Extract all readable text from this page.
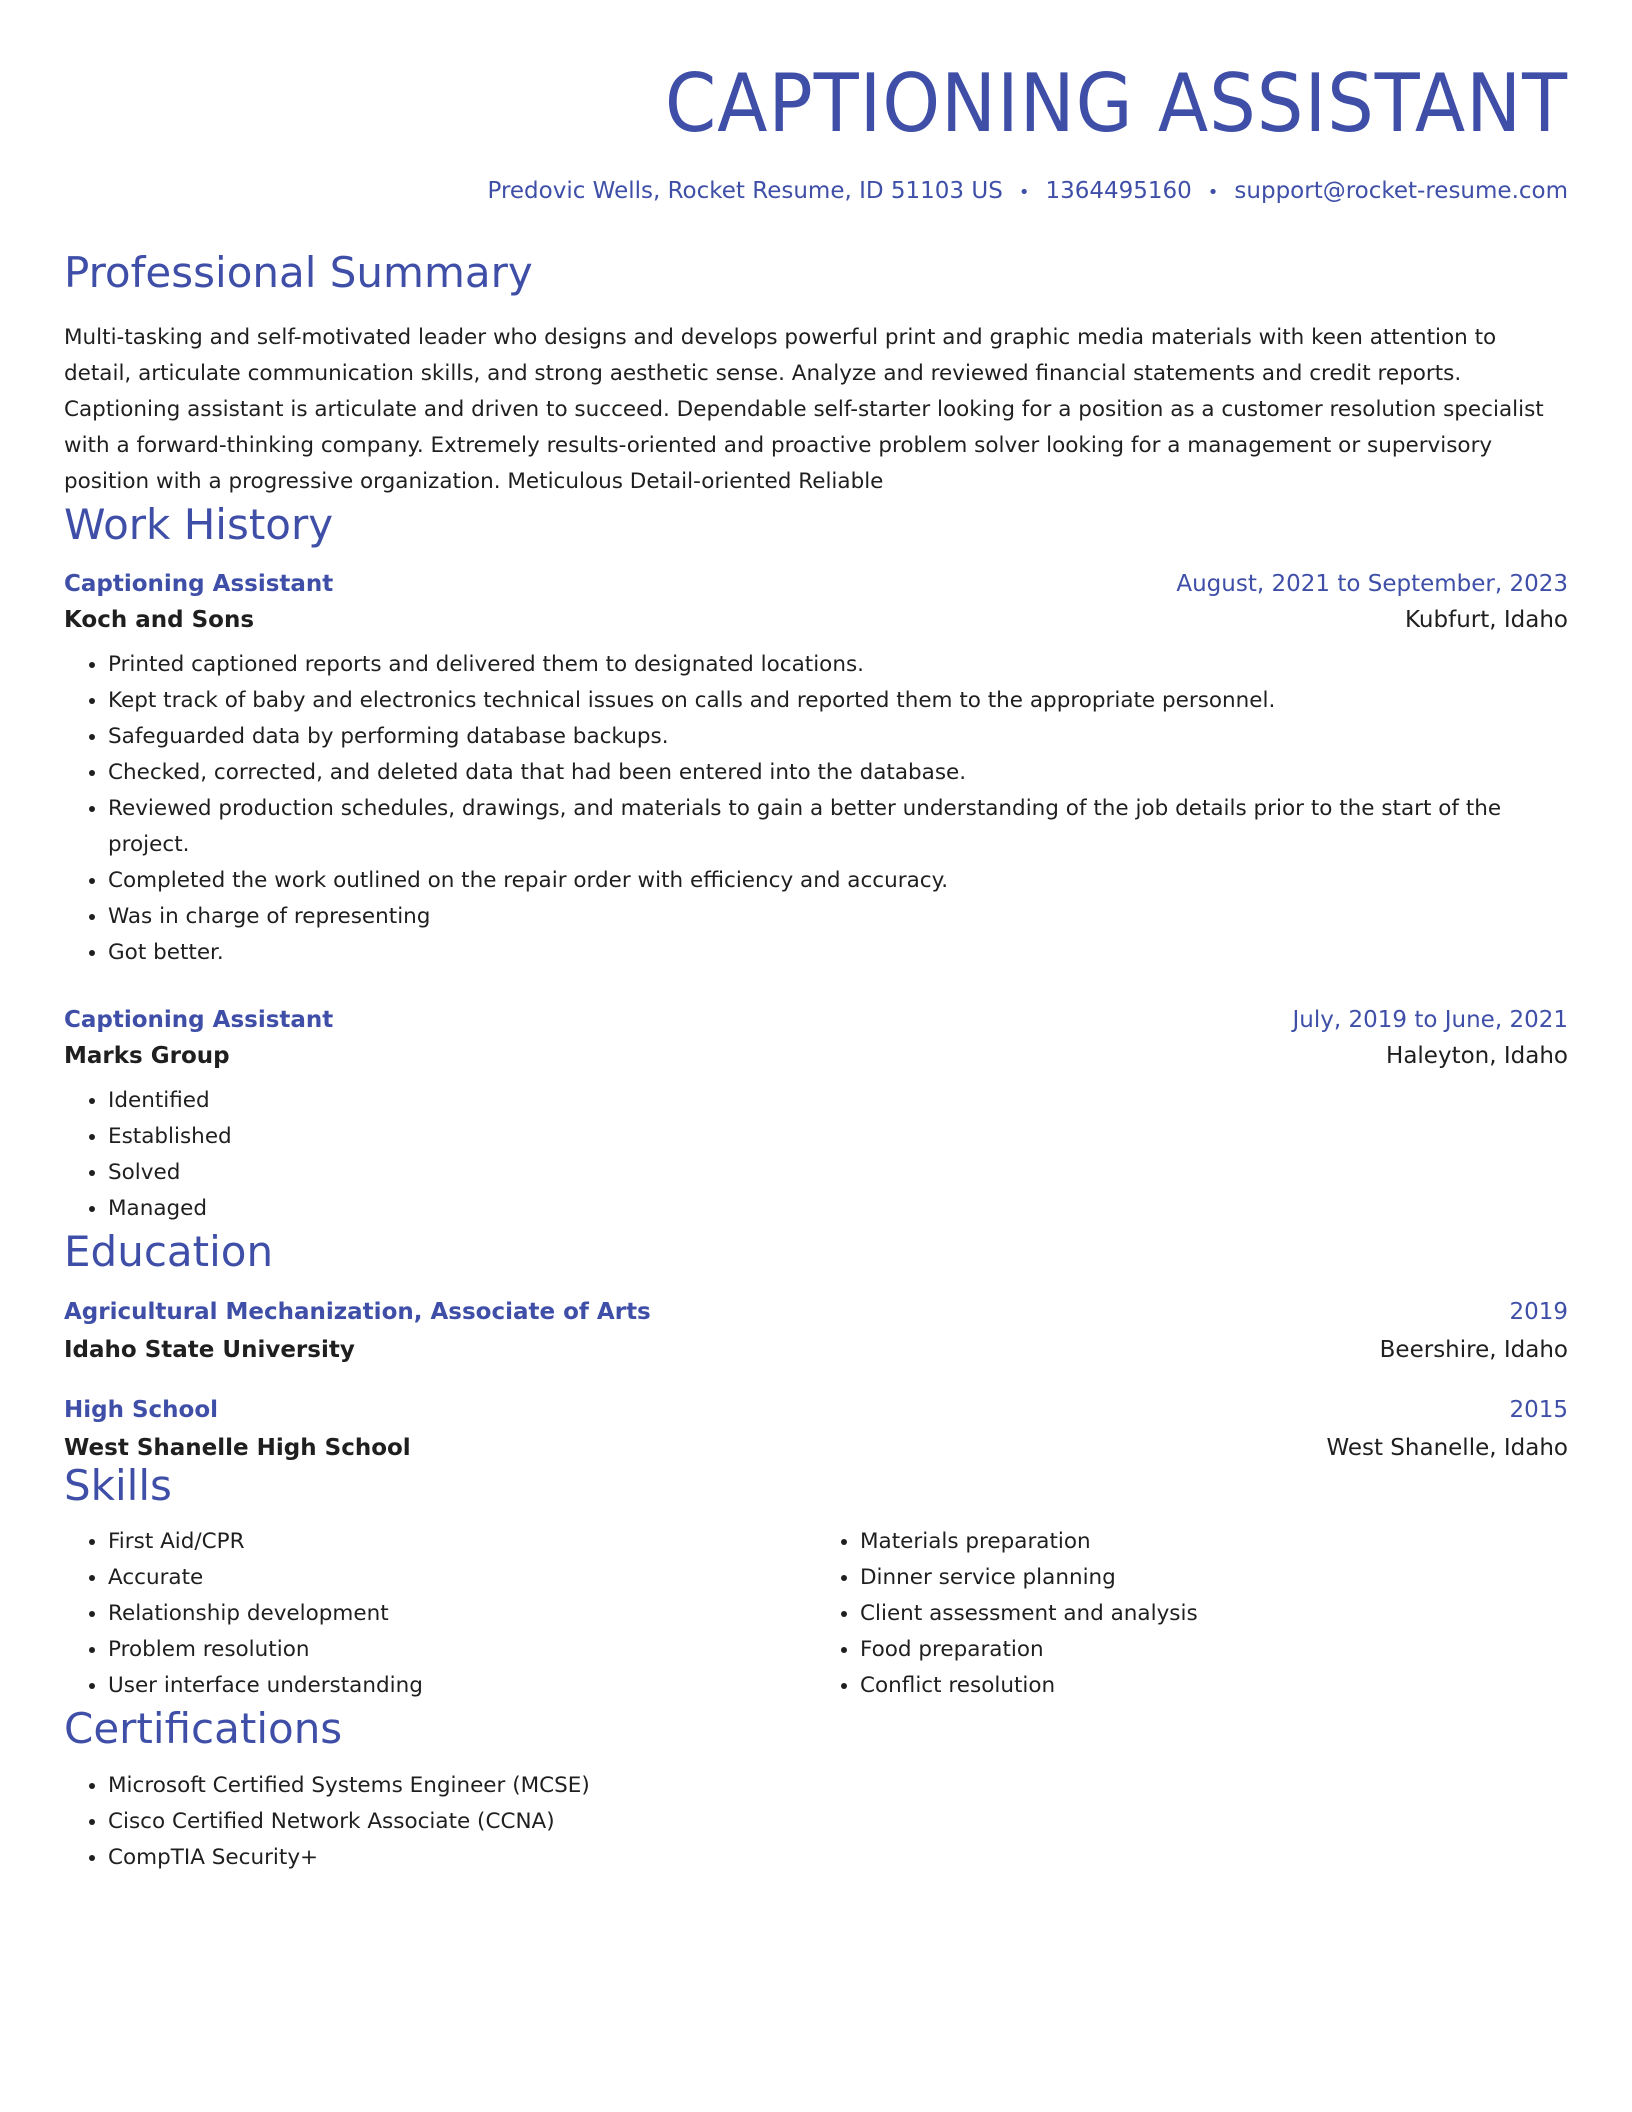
CAPTIONING ASSISTANT
Predovic Wells, Rocket Resume, ID 51103 US • 1364495160 • support@rocket-resume.com
Professional Summary
Multi-tasking and self-motivated leader who designs and develops powerful print and graphic media materials with keen attention to detail, articulate communication skills, and strong aesthetic sense. Analyze and reviewed financial statements and credit reports. Captioning assistant is articulate and driven to succeed. Dependable self-starter looking for a position as a customer resolution specialist with a forward-thinking company. Extremely results-oriented and proactive problem solver looking for a management or supervisory position with a progressive organization. Meticulous Detail-oriented Reliable
Work History
Captioning Assistant	August, 2021 to September, 2023
Koch and Sons	Kubfurt, Idaho
• Printed captioned reports and delivered them to designated locations.
• Kept track of baby and electronics technical issues on calls and reported them to the appropriate personnel.
• Safeguarded data by performing database backups.
• Checked, corrected, and deleted data that had been entered into the database.
• Reviewed production schedules, drawings, and materials to gain a better understanding of the job details prior to the start of the project.
• Completed the work outlined on the repair order with efficiency and accuracy.
• Was in charge of representing
• Got better.
Captioning Assistant	July, 2019 to June, 2021
Marks Group	Haleyton, Idaho
• Identified
• Established
• Solved
• Managed
Education
Agricultural Mechanization, Associate of Arts	2019
Idaho State University	Beershire, Idaho
High School	2015
West Shanelle High School	West Shanelle, Idaho
Skills
• First Aid/CPR
• Accurate
• Relationship development
• Problem resolution
• User interface understanding
• Materials preparation
• Dinner service planning
• Client assessment and analysis
• Food preparation
• Conflict resolution
Certifications
• Microsoft Certified Systems Engineer (MCSE)
• Cisco Certified Network Associate (CCNA)
• CompTIA Security+
